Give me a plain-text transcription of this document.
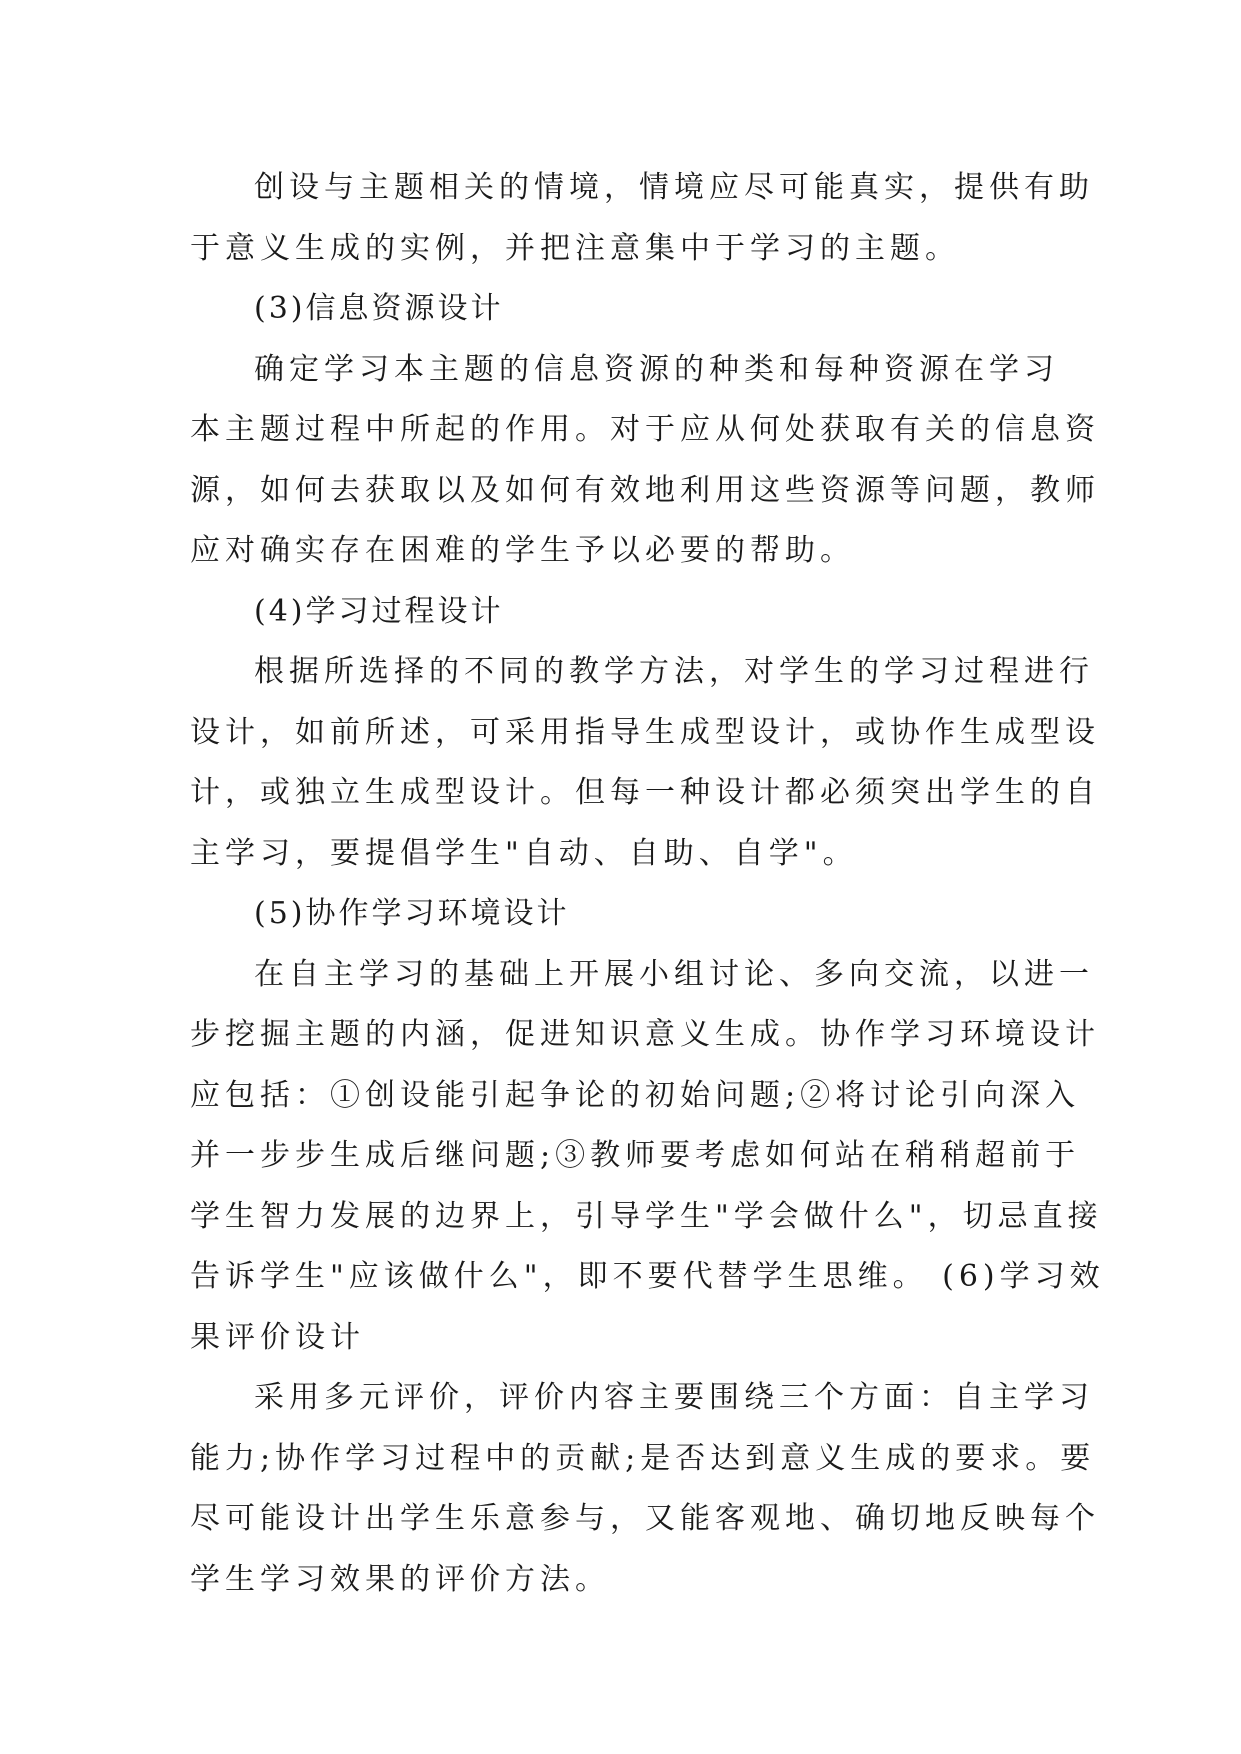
创设与主题相关的情境，情境应尽可能真实，提供有助
于意义生成的实例，并把注意集中于学习的主题。
(3)信息资源设计
确定学习本主题的信息资源的种类和每种资源在学习
本主题过程中所起的作用。对于应从何处获取有关的信息资
源，如何去获取以及如何有效地利用这些资源等问题，教师
应对确实存在困难的学生予以必要的帮助。
(4)学习过程设计
根据所选择的不同的教学方法，对学生的学习过程进行
设计，如前所述，可采用指导生成型设计，或协作生成型设
计，或独立生成型设计。但每一种设计都必须突出学生的自
主学习，要提倡学生"自动、自助、自学"。
(5)协作学习环境设计
在自主学习的基础上开展小组讨论、多向交流，以进一
步挖掘主题的内涵，促进知识意义生成。协作学习环境设计
应包括：①创设能引起争论的初始问题;②将讨论引向深入
并一步步生成后继问题;③教师要考虑如何站在稍稍超前于
学生智力发展的边界上，引导学生"学会做什么"，切忌直接
告诉学生"应该做什么"，即不要代替学生思维。 (6)学习效
果评价设计
采用多元评价，评价内容主要围绕三个方面：自主学习
能力;协作学习过程中的贡献;是否达到意义生成的要求。要
尽可能设计出学生乐意参与，又能客观地、确切地反映每个
学生学习效果的评价方法。
